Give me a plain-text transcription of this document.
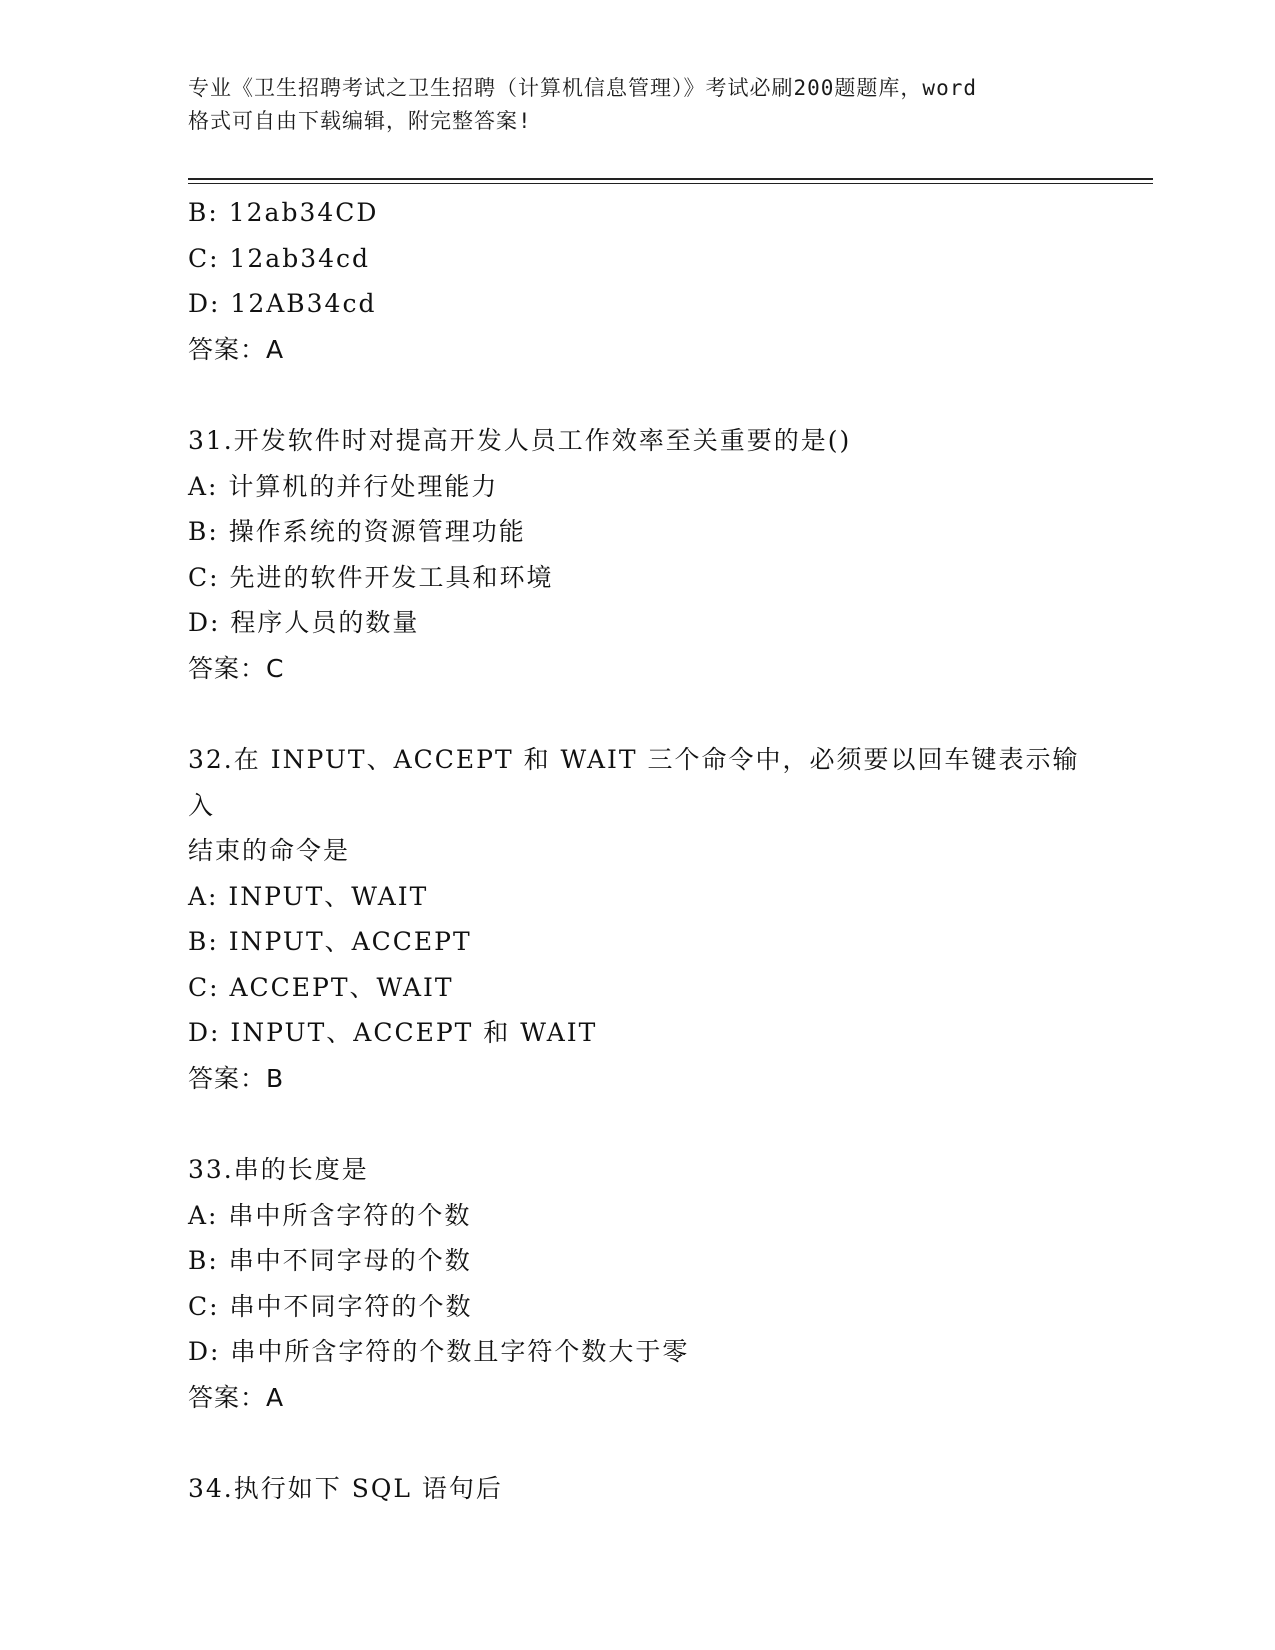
专业《卫生招聘考试之卫生招聘（计算机信息管理）》考试必刷200题题库，word
格式可自由下载编辑，附完整答案!
B: 12ab34CD
C: 12ab34cd
D: 12AB34cd
答案：A
31.开发软件时对提高开发人员工作效率至关重要的是()
A: 计算机的并行处理能力
B: 操作系统的资源管理功能
C: 先进的软件开发工具和环境
D: 程序人员的数量
答案：C
32.在 INPUT、ACCEPT 和 WAIT 三个命令中，必须要以回车键表示输入
结束的命令是
A: INPUT、WAIT
B: INPUT、ACCEPT
C: ACCEPT、WAIT
D: INPUT、ACCEPT 和 WAIT
答案：B
33.串的长度是
A: 串中所含字符的个数
B: 串中不同字母的个数
C: 串中不同字符的个数
D: 串中所含字符的个数且字符个数大于零
答案：A
34.执行如下 SQL 语句后
